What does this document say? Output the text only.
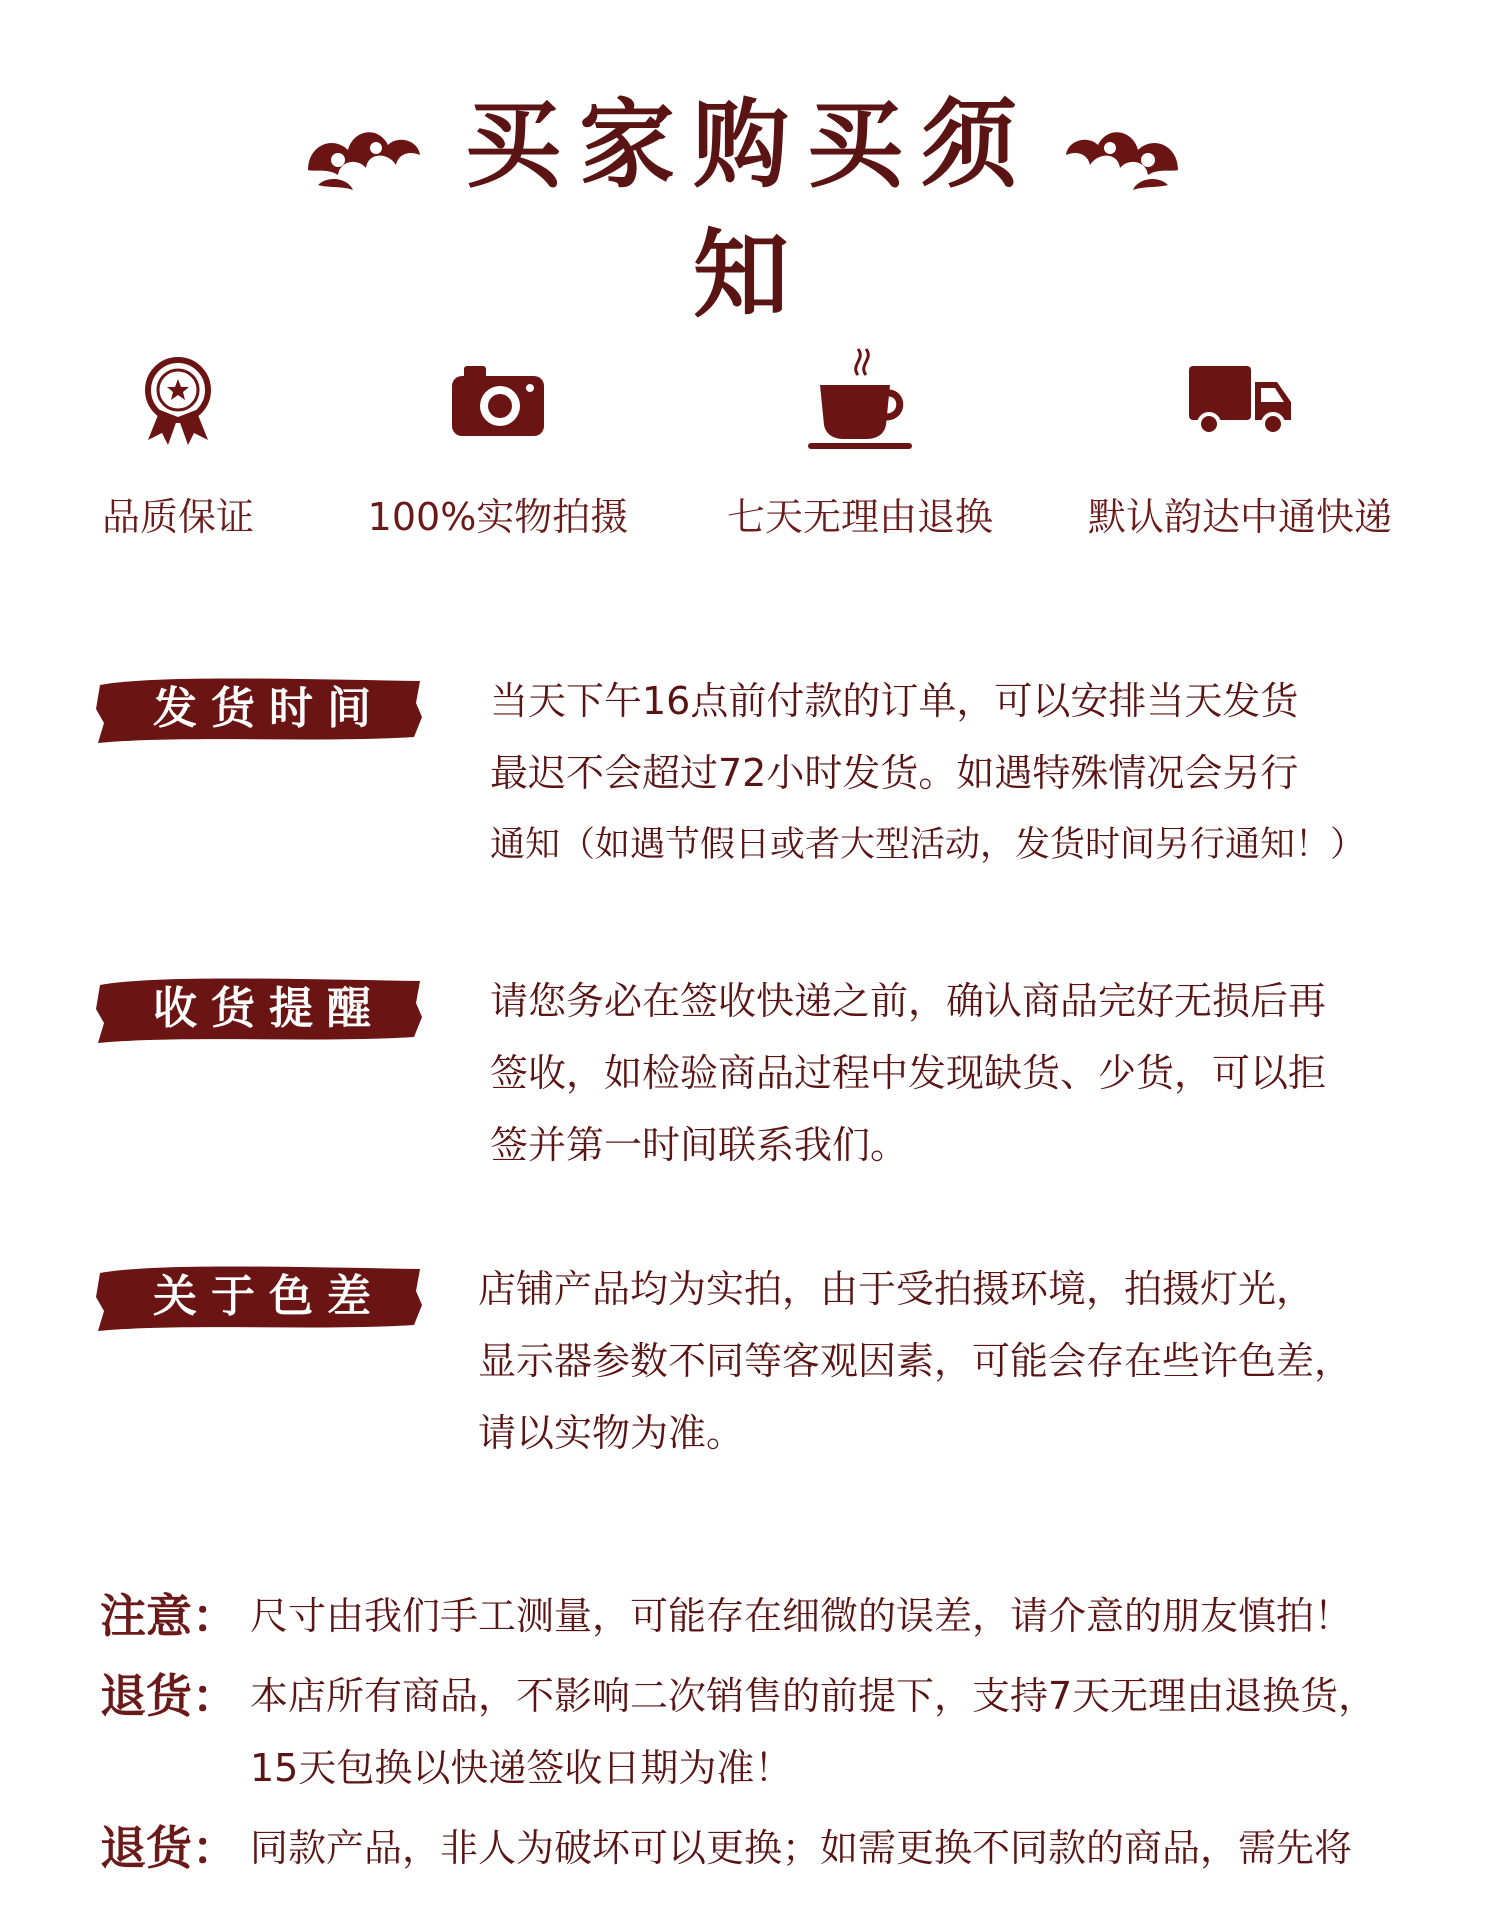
买家购买须知
品质保证	100%实物拍摄	七天无理由退换	默认韵达中通快递
发货时间	当天下午16点前付款的订单，可以安排当天发货
最迟不会超过72小时发货。如遇特殊情况会另行
通知（如遇节假日或者大型活动，发货时间另行通知！）
收货提醒	请您务必在签收快递之前，确认商品完好无损后再
签收，如检验商品过程中发现缺货、少货，可以拒
签并第一时间联系我们。
关于色差	店铺产品均为实拍，由于受拍摄环境，拍摄灯光，
显示器参数不同等客观因素，可能会存在些许色差，
请以实物为准。
注意： 尺寸由我们手工测量，可能存在细微的误差，请介意的朋友慎拍！
退货： 本店所有商品，不影响二次销售的前提下，支持7天无理由退换货，
15天包换以快递签收日期为准！
退货： 同款产品，非人为破坏可以更换；如需更换不同款的商品，需先将
